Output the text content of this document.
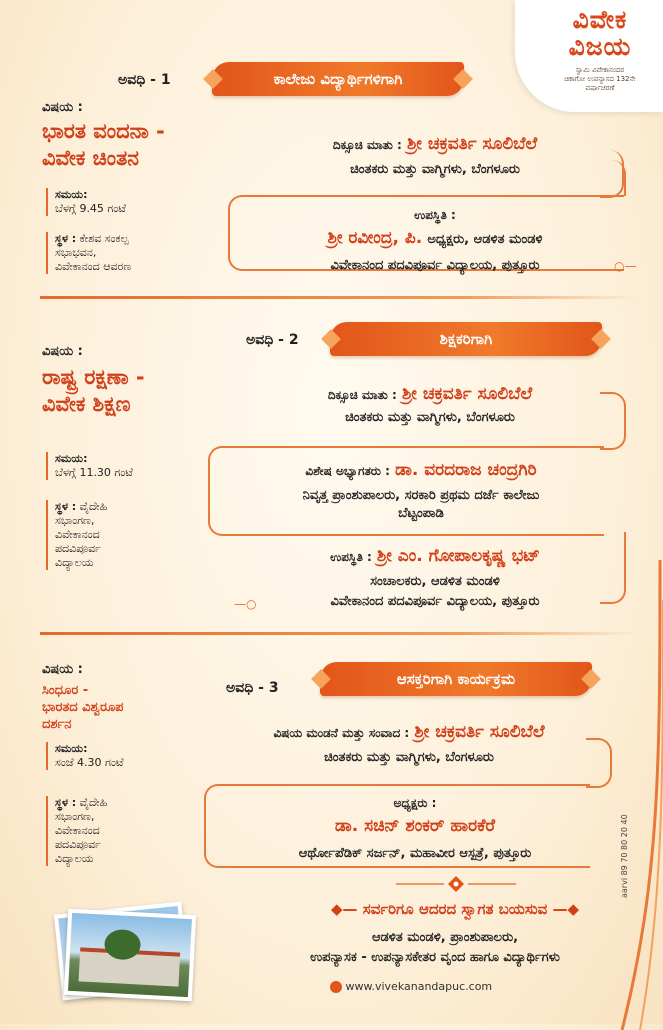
ವಿವೇಕ
ವಿಜಯ
ಸ್ವಾಮಿ ವಿವೇಕಾನಂದರ
ಚಿಕಾಗೋ ಉಪನ್ಯಾಸದ 132ನೇ
ವರ್ಷಾಚರಣೆ
ಅವಧಿ - 1	ಕಾಲೇಜು ವಿದ್ಯಾರ್ಥಿಗಳಿಗಾಗಿ
ವಿಷಯ :
ಭಾರತ ವಂದನಾ -
ವಿವೇಕ ಚಿಂತನ
ಸಮಯ:
ಬೆಳಗ್ಗೆ 9.45 ಗಂಟೆ
ಸ್ಥಳ : ಕೇಶವ ಸಂಕಲ್ಪ
ಸಭಾಭವನ,
ವಿವೇಕಾನಂದ ಆವರಣ	○—
ದಿಕ್ಸೂಚಿ ಮಾತು : ಶ್ರೀ ಚಕ್ರವರ್ತಿ ಸೂಲಿಬೆಲೆ
ಚಿಂತಕರು ಮತ್ತು ವಾಗ್ಮಿಗಳು, ಬೆಂಗಳೂರು
ಉಪಸ್ಥಿತಿ :
ಶ್ರೀ ರವೀಂದ್ರ, ಪಿ. ಅಧ್ಯಕ್ಷರು, ಆಡಳಿತ ಮಂಡಳಿ
ವಿವೇಕಾನಂದ ಪದವಿಪೂರ್ವ ವಿದ್ಯಾಲಯ, ಪುತ್ತೂರು
ಅವಧಿ - 2	ಶಿಕ್ಷಕರಿಗಾಗಿ
ವಿಷಯ :
ರಾಷ್ಟ್ರ ರಕ್ಷಣಾ -
ವಿವೇಕ ಶಿಕ್ಷಣ
ಸಮಯ:
ಬೆಳಗ್ಗೆ 11.30 ಗಂಟೆ
ಸ್ಥಳ : ವೈದೇಹಿ
ಸಭಾಂಗಣ,
ವಿವೇಕಾನಂದ
ಪದವಿಪೂರ್ವ
ವಿದ್ಯಾಲಯ
—○
ದಿಕ್ಸೂಚಿ ಮಾತು : ಶ್ರೀ ಚಕ್ರವರ್ತಿ ಸೂಲಿಬೆಲೆ
ಚಿಂತಕರು ಮತ್ತು ವಾಗ್ಮಿಗಳು, ಬೆಂಗಳೂರು
ವಿಶೇಷ ಅಭ್ಯಾಗತರು : ಡಾ. ವರದರಾಜ ಚಂದ್ರಗಿರಿ
ನಿವೃತ್ತ ಪ್ರಾಂಶುಪಾಲರು, ಸರಕಾರಿ ಪ್ರಥಮ ದರ್ಜೆ ಕಾಲೇಜು
ಬೆಟ್ಟಂಪಾಡಿ
ಉಪಸ್ಥಿತಿ : ಶ್ರೀ ಎಂ. ಗೋಪಾಲಕೃಷ್ಣ ಭಟ್
ಸಂಚಾಲಕರು, ಆಡಳಿತ ಮಂಡಳಿ
ವಿವೇಕಾನಂದ ಪದವಿಪೂರ್ವ ವಿದ್ಯಾಲಯ, ಪುತ್ತೂರು
ಅವಧಿ - 3	ಆಸಕ್ತರಿಗಾಗಿ ಕಾರ್ಯಕ್ರಮ
ವಿಷಯ :
ಸಿಂಧೂರ -
ಭಾರತದ ವಿಶ್ವರೂಪ
ದರ್ಶನ
ಸಮಯ:
ಸಂಜೆ 4.30 ಗಂಟೆ
ಸ್ಥಳ : ವೈದೇಹಿ
ಸಭಾಂಗಣ,
ವಿವೇಕಾನಂದ
ಪದವಿಪೂರ್ವ
ವಿದ್ಯಾಲಯ
ವಿಷಯ ಮಂಡನೆ ಮತ್ತು ಸಂವಾದ : ಶ್ರೀ ಚಕ್ರವರ್ತಿ ಸೂಲಿಬೆಲೆ
ಚಿಂತಕರು ಮತ್ತು ವಾಗ್ಮಿಗಳು, ಬೆಂಗಳೂರು
ಅಧ್ಯಕ್ಷರು :
ಡಾ. ಸಚಿನ್ ಶಂಕರ್ ಹಾರಕೆರೆ
ಆರ್ಥೋಪೆಡಿಕ್ ಸರ್ಜನ್, ಮಹಾವೀರ ಆಸ್ಪತ್ರೆ, ಪುತ್ತೂರು
◆— ಸರ್ವರಿಗೂ ಆದರದ ಸ್ವಾಗತ ಬಯಸುವ —◆
ಆಡಳಿತ ಮಂಡಳಿ, ಪ್ರಾಂಶುಪಾಲರು,
ಉಪನ್ಯಾಸಕ - ಉಪನ್ಯಾಸಕೇತರ ವೃಂದ ಹಾಗೂ ವಿದ್ಯಾರ್ಥಿಗಳು
www.vivekanandapuc.com
aarvi 89 70 80 20 40
